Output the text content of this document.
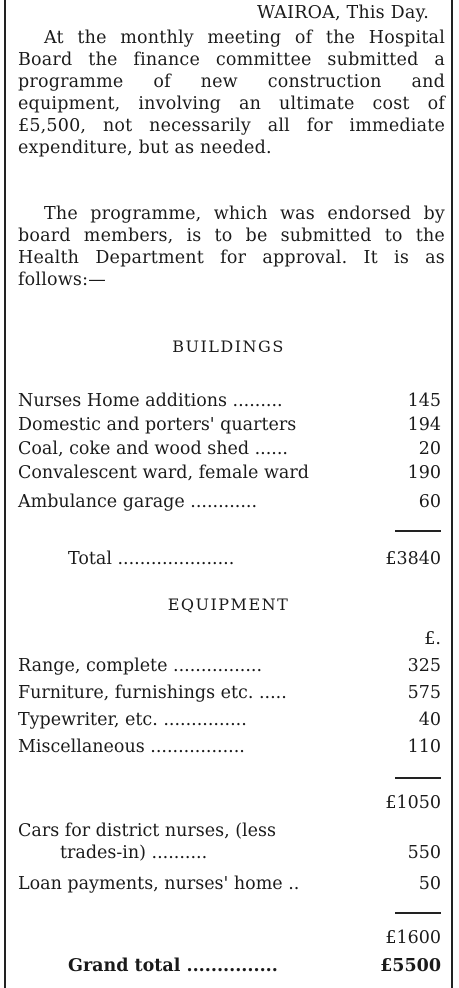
WAIROA, This Day.
At the monthly meeting of the Hospital Board the finance committee submitted a programme of new construction and equipment, involving an ultimate cost of £5,500, not necessarily all for immediate expenditure, but as needed.
The programme, which was endorsed by board members, is to be submitted to the Health Department for approval. It is as follows:—
BUILDINGS
Nurses Home additions .........	145
Domestic and porters' quarters	194
Coal, coke and wood shed ......	20
Convalescent ward, female ward	190
Ambulance garage ............	60
Total .....................	£3840
EQUIPMENT
£.
Range, complete ................	325
Furniture, furnishings etc. .....	575
Typewriter, etc. ...............	40
Miscellaneous .................	110
£1050
Cars for district nurses, (less
trades-in) ..........	550
Loan payments, nurses' home ..	50
£1600
Grand total ...............	£5500
